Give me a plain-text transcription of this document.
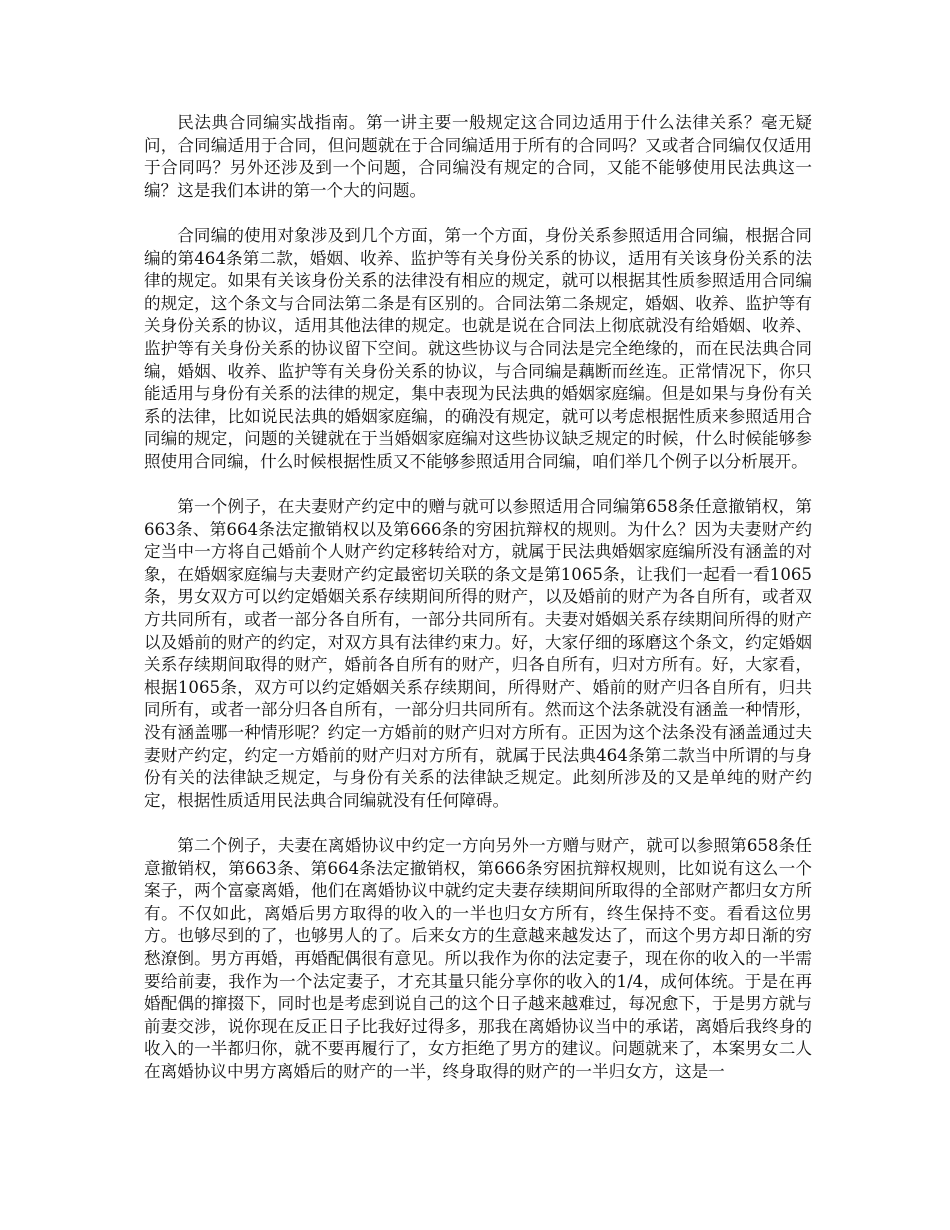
民法典合同编实战指南。第一讲主要一般规定这合同边适用于什么法律关系？毫无疑问，合同编适用于合同，但问题就在于合同编适用于所有的合同吗？又或者合同编仅仅适用于合同吗？另外还涉及到一个问题，合同编没有规定的合同，又能不能够使用民法典这一编？这是我们本讲的第一个大的问题。

合同编的使用对象涉及到几个方面，第一个方面，身份关系参照适用合同编，根据合同编的第464条第二款，婚姻、收养、监护等有关身份关系的协议，适用有关该身份关系的法律的规定。如果有关该身份关系的法律没有相应的规定，就可以根据其性质参照适用合同编的规定，这个条文与合同法第二条是有区别的。合同法第二条规定，婚姻、收养、监护等有关身份关系的协议，适用其他法律的规定。也就是说在合同法上彻底就没有给婚姻、收养、监护等有关身份关系的协议留下空间。就这些协议与合同法是完全绝缘的，而在民法典合同编，婚姻、收养、监护等有关身份关系的协议，与合同编是藕断而丝连。正常情况下，你只能适用与身份有关系的法律的规定，集中表现为民法典的婚姻家庭编。但是如果与身份有关系的法律，比如说民法典的婚姻家庭编，的确没有规定，就可以考虑根据性质来参照适用合同编的规定，问题的关键就在于当婚姻家庭编对这些协议缺乏规定的时候，什么时候能够参照使用合同编，什么时候根据性质又不能够参照适用合同编，咱们举几个例子以分析展开。

第一个例子，在夫妻财产约定中的赠与就可以参照适用合同编第658条任意撤销权，第663条、第664条法定撤销权以及第666条的穷困抗辩权的规则。为什么？因为夫妻财产约定当中一方将自己婚前个人财产约定移转给对方，就属于民法典婚姻家庭编所没有涵盖的对象，在婚姻家庭编与夫妻财产约定最密切关联的条文是第1065条，让我们一起看一看1065条，男女双方可以约定婚姻关系存续期间所得的财产，以及婚前的财产为各自所有，或者双方共同所有，或者一部分各自所有，一部分共同所有。夫妻对婚姻关系存续期间所得的财产以及婚前的财产的约定，对双方具有法律约束力。好，大家仔细的琢磨这个条文，约定婚姻关系存续期间取得的财产，婚前各自所有的财产，归各自所有，归对方所有。好，大家看，根据1065条，双方可以约定婚姻关系存续期间，所得财产、婚前的财产归各自所有，归共同所有，或者一部分归各自所有，一部分归共同所有。然而这个法条就没有涵盖一种情形，没有涵盖哪一种情形呢？约定一方婚前的财产归对方所有。正因为这个法条没有涵盖通过夫妻财产约定，约定一方婚前的财产归对方所有，就属于民法典464条第二款当中所谓的与身份有关的法律缺乏规定，与身份有关系的法律缺乏规定。此刻所涉及的又是单纯的财产约定，根据性质适用民法典合同编就没有任何障碍。

第二个例子，夫妻在离婚协议中约定一方向另外一方赠与财产，就可以参照第658条任意撤销权，第663条、第664条法定撤销权，第666条穷困抗辩权规则，比如说有这么一个案子，两个富豪离婚，他们在离婚协议中就约定夫妻存续期间所取得的全部财产都归女方所有。不仅如此，离婚后男方取得的收入的一半也归女方所有，终生保持不变。看看这位男方。也够尽到的了，也够男人的了。后来女方的生意越来越发达了，而这个男方却日渐的穷愁潦倒。男方再婚，再婚配偶很有意见。所以我作为你的法定妻子，现在你的收入的一半需要给前妻，我作为一个法定妻子，才充其量只能分享你的收入的1/4，成何体统。于是在再婚配偶的撺掇下，同时也是考虑到说自己的这个日子越来越难过，每况愈下，于是男方就与前妻交涉，说你现在反正日子比我好过得多，那我在离婚协议当中的承诺，离婚后我终身的收入的一半都归你，就不要再履行了，女方拒绝了男方的建议。问题就来了，本案男女二人在离婚协议中男方离婚后的财产的一半，终身取得的财产的一半归女方，这是一
